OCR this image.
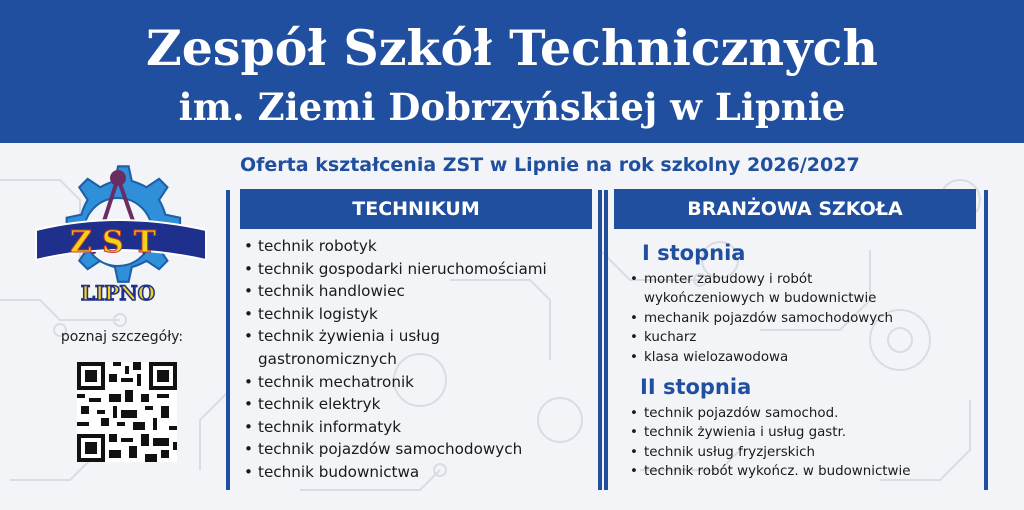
Zespół Szkół Technicznych
im. Ziemi Dobrzyńskiej w Lipnie
Oferta kształcenia ZST w Lipnie na rok szkolny 2026/2027
ZST
LIPNO
poznaj szczegóły:
TECHNIKUM
• technik robotyk
• technik gospodarki nieruchomościami
• technik handlowiec
• technik logistyk
• technik żywienia i usług gastronomicznych
• technik mechatronik
• technik elektryk
• technik informatyk
• technik pojazdów samochodowych
• technik budownictwa
BRANŻOWA SZKOŁA
I stopnia
• monter zabudowy i robót wykończeniowych w budownictwie
• mechanik pojazdów samochodowych
• kucharz
• klasa wielozawodowa
II stopnia
• technik pojazdów samochod.
• technik żywienia i usług gastr.
• technik usług fryzjerskich
• technik robót wykończ. w budownictwie
